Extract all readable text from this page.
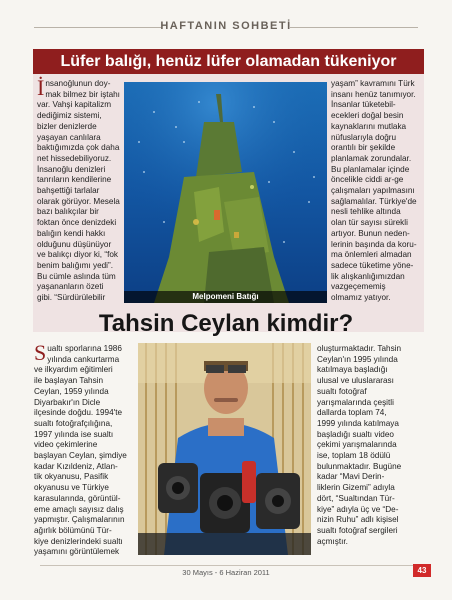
HAFTANIN SOHBETİ
Lüfer balığı, henüz lüfer olamadan tükeniyor
İ nsanoğlunun doy-

mak bilmez bir iştahı

var. Vahşi kapitalizm

dediğimiz sistemi,

bizler denizlerde

yaşayan canlılara

baktığımızda çok daha

net hissedebiliyoruz.

İnsanoğlu denizleri

tanrıların kendilerine

bahşettiği tarlalar

olarak görüyor. Mesela

bazı balıkçılar bir

foktan önce denizdeki

balığın kendi hakkı

olduğunu düşünüyor

ve balıkçı diyor ki, “fok

benim balığımı yedi”.

Bu cümle aslında tüm

yaşananların özeti

gibi. “Sürdürülebilir	Melpomeni Batığı

yaşam” kavramını Türk

insanı henüz tanımıyor.

İnsanlar tüketebil-

ecekleri doğal besin

kaynaklarını mutlaka

nüfuslarıyla doğru

orantılı bir şekilde

planlamak zorundalar.

Bu planlamalar içinde

öncelikle ciddi ar-ge

çalışmaları yapılmasını

sağlamalılar. Türkiye'de

nesli tehlike altında

olan tür sayısı sürekli

artıyor. Bunun neden-

lerinin başında da koru-

ma önlemleri almadan

sadece tüketime yöne-

lik alışkanlığımızdan

vazgeçememiş

olmamız yatıyor.

Tahsin Ceylan kimdir?
S ualtı sporlarına 1986

yılında cankurtarma

ve ilkyardım eğitimleri

ile başlayan Tahsin

Ceylan, 1959 yılında

Diyarbakır'ın Dicle

ilçesinde doğdu. 1994'te

sualtı fotoğrafçılığına,

1997 yılında ise sualtı

video çekimlerine

başlayan Ceylan, şimdiye

kadar Kızıldeniz, Atlan-

tik okyanusu, Pasifik

okyanusu ve Türkiye

karasularında, görüntül-

eme amaçlı sayısız dalış

yapmıştır. Çalışmalarının

ağırlık bölümünü Tür-

kiye denizlerindeki sualtı

yaşamını görüntülemek

oluşturmaktadır. Tahsin

Ceylan'ın 1995 yılında

katılmaya başladığı

ulusal ve uluslararası

sualtı fotoğraf

yarışmalarında çeşitli

dallarda toplam 74,

1999 yılında katılmaya

başladığı sualtı video

çekimi yarışmalarında

ise, toplam 18 ödülü

bulunmaktadır. Bugüne

kadar “Mavi Derin-

liklerin Gizemi” adıyla

dört, “Sualtından Tür-

kiye” adıyla üç ve “De-

nizin Ruhu” adlı kişisel

sualtı fotoğraf sergileri

açmıştır.

30 Mayıs - 6 Haziran 2011	43
